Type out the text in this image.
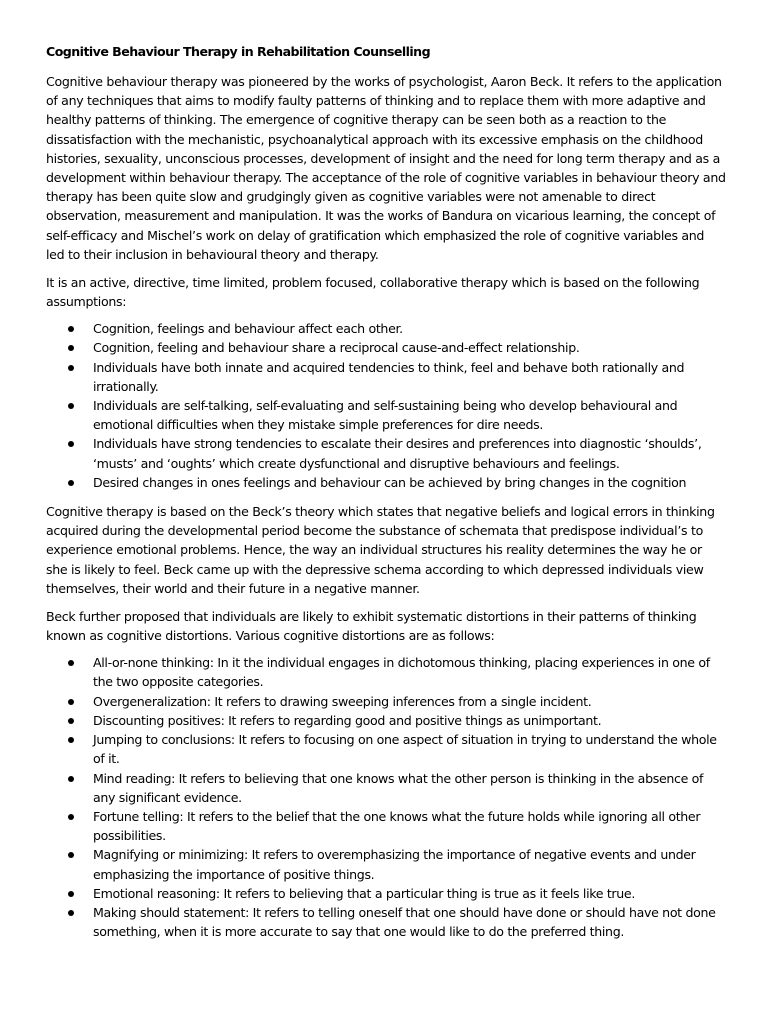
Cognitive Behaviour Therapy in Rehabilitation Counselling

Cognitive behaviour therapy was pioneered by the works of psychologist, Aaron Beck. It refers to the application of any techniques that aims to modify faulty patterns of thinking and to replace them with more adaptive and healthy patterns of thinking. The emergence of cognitive therapy can be seen both as a reaction to the dissatisfaction with the mechanistic, psychoanalytical approach with its excessive emphasis on the childhood histories, sexuality, unconscious processes, development of insight and the need for long term therapy and as a development within behaviour therapy. The acceptance of the role of cognitive variables in behaviour theory and therapy has been quite slow and grudgingly given as cognitive variables were not amenable to direct observation, measurement and manipulation. It was the works of Bandura on vicarious learning, the concept of self-efficacy and Mischel’s work on delay of gratification which emphasized the role of cognitive variables and led to their inclusion in behavioural theory and therapy.

It is an active, directive, time limited, problem focused, collaborative therapy which is based on the following assumptions:

Cognition, feelings and behaviour affect each other.
Cognition, feeling and behaviour share a reciprocal cause-and-effect relationship.
Individuals have both innate and acquired tendencies to think, feel and behave both rationally and irrationally.
Individuals are self-talking, self-evaluating and self-sustaining being who develop behavioural and emotional difficulties when they mistake simple preferences for dire needs.
Individuals have strong tendencies to escalate their desires and preferences into diagnostic ‘shoulds’, ‘musts’ and ‘oughts’ which create dysfunctional and disruptive behaviours and feelings.
Desired changes in ones feelings and behaviour can be achieved by bring changes in the cognition

Cognitive therapy is based on the Beck’s theory which states that negative beliefs and logical errors in thinking acquired during the developmental period become the substance of schemata that predispose individual’s to experience emotional problems. Hence, the way an individual structures his reality determines the way he or she is likely to feel. Beck came up with the depressive schema according to which depressed individuals view themselves, their world and their future in a negative manner.

Beck further proposed that individuals are likely to exhibit systematic distortions in their patterns of thinking known as cognitive distortions. Various cognitive distortions are as follows:

All-or-none thinking: In it the individual engages in dichotomous thinking, placing experiences in one of the two opposite categories.
Overgeneralization: It refers to drawing sweeping inferences from a single incident.
Discounting positives: It refers to regarding good and positive things as unimportant.
Jumping to conclusions: It refers to focusing on one aspect of situation in trying to understand the whole of it.
Mind reading: It refers to believing that one knows what the other person is thinking in the absence of any significant evidence.
Fortune telling: It refers to the belief that the one knows what the future holds while ignoring all other possibilities.
Magnifying or minimizing: It refers to overemphasizing the importance of negative events and under emphasizing the importance of positive things.
Emotional reasoning: It refers to believing that a particular thing is true as it feels like true.
Making should statement: It refers to telling oneself that one should have done or should have not done something, when it is more accurate to say that one would like to do the preferred thing.
